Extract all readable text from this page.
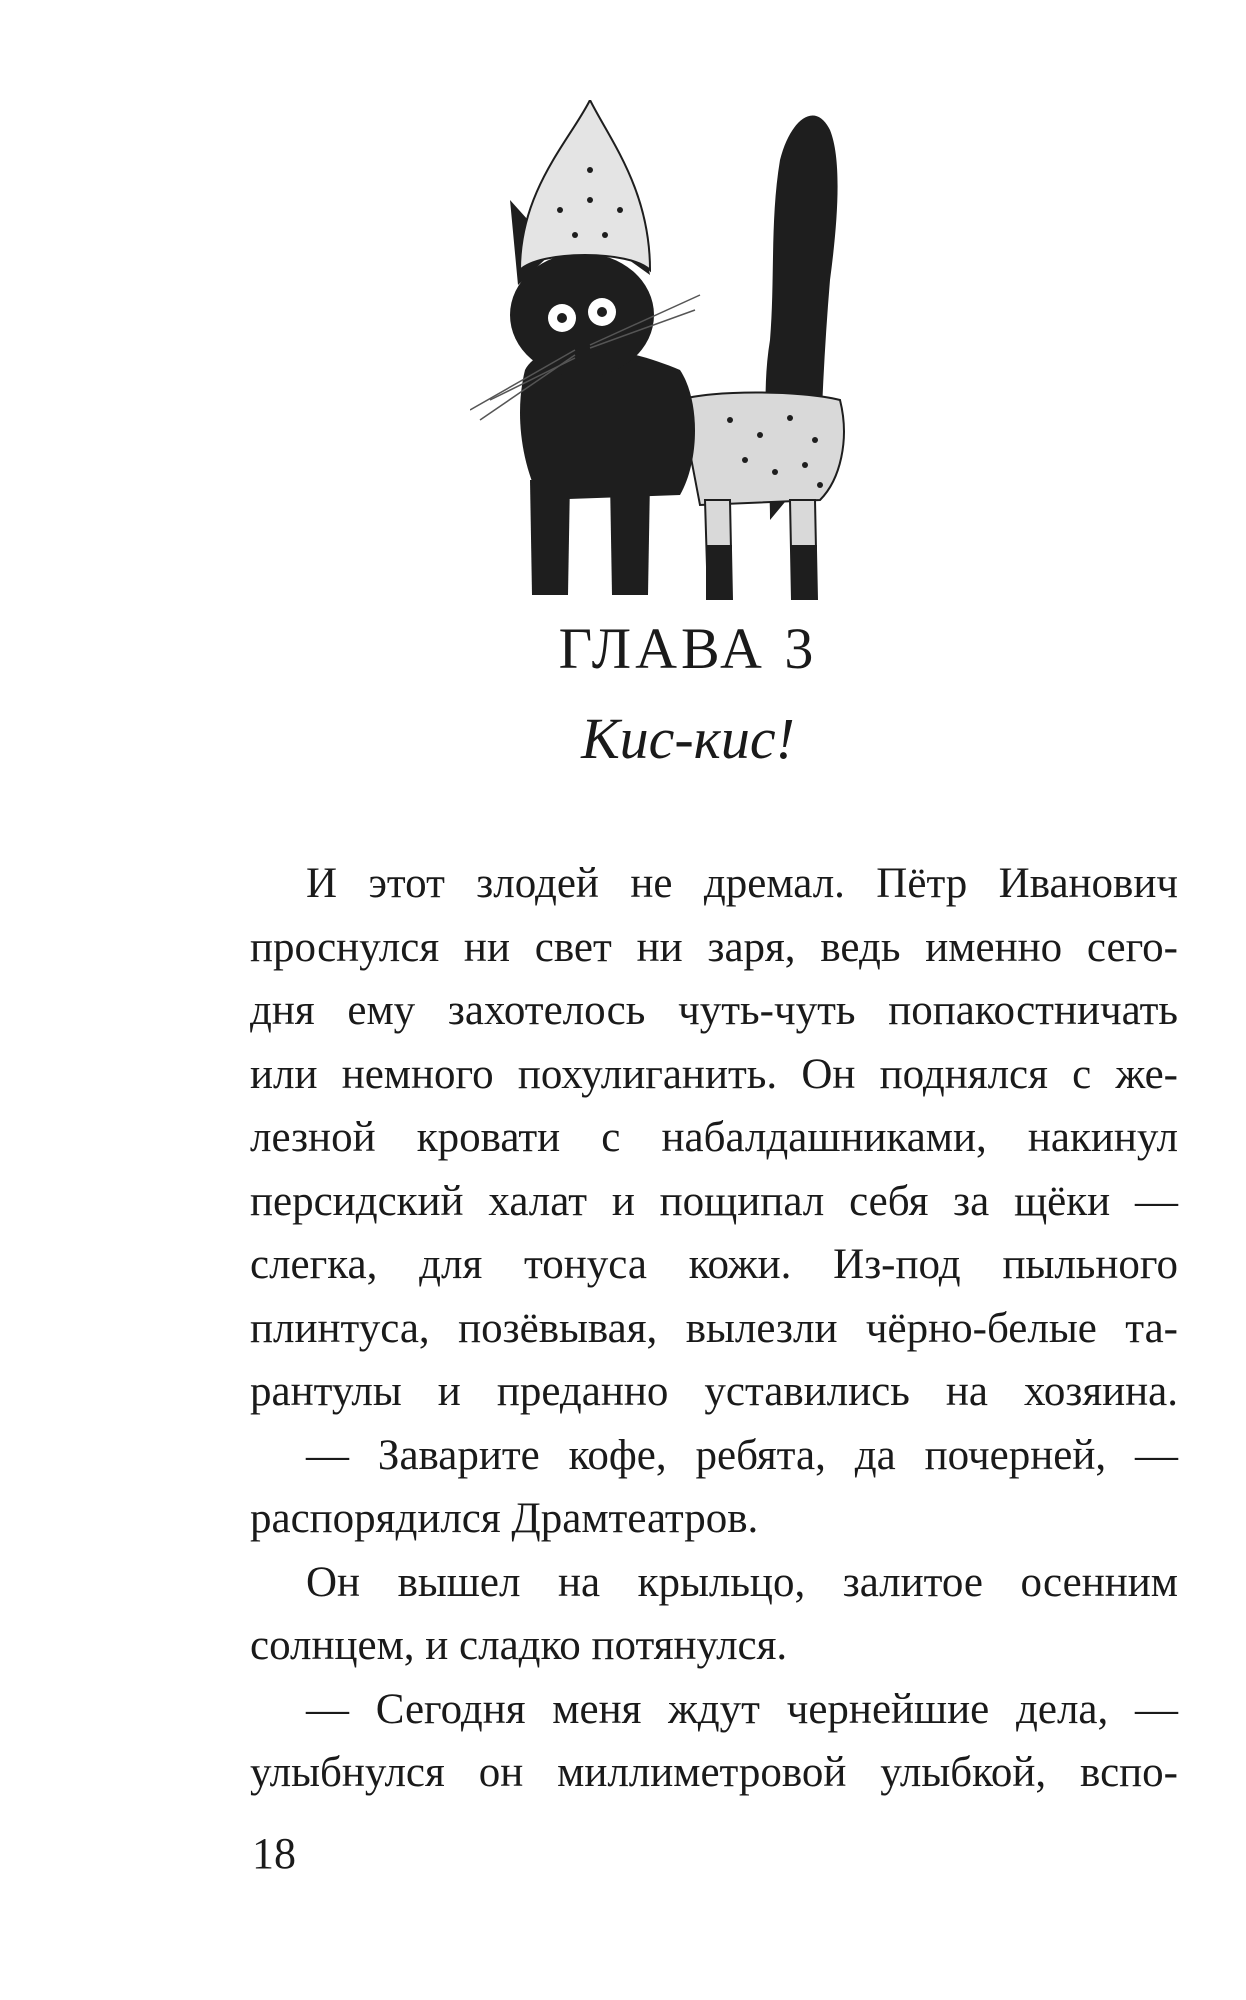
ГЛАВА 3
Кис-кис!
И этот злодей не дремал. Пётр Иванович
проснулся ни свет ни заря, ведь именно сего-
дня ему захотелось чуть-чуть попакостничать
или немного похулиганить. Он поднялся с же-
лезной кровати с набалдашниками, накинул
персидский халат и пощипал себя за щёки —
слегка, для тонуса кожи. Из-под пыльного
плинтуса, позёвывая, вылезли чёрно-белые та-
рантулы и преданно уставились на хозяина.
— Заварите кофе, ребята, да почерней, —
распорядился Драмтеатров.
Он вышел на крыльцо, залитое осенним
солнцем, и сладко потянулся.
— Сегодня меня ждут чернейшие дела, —
улыбнулся он миллиметровой улыбкой, вспо-
18
